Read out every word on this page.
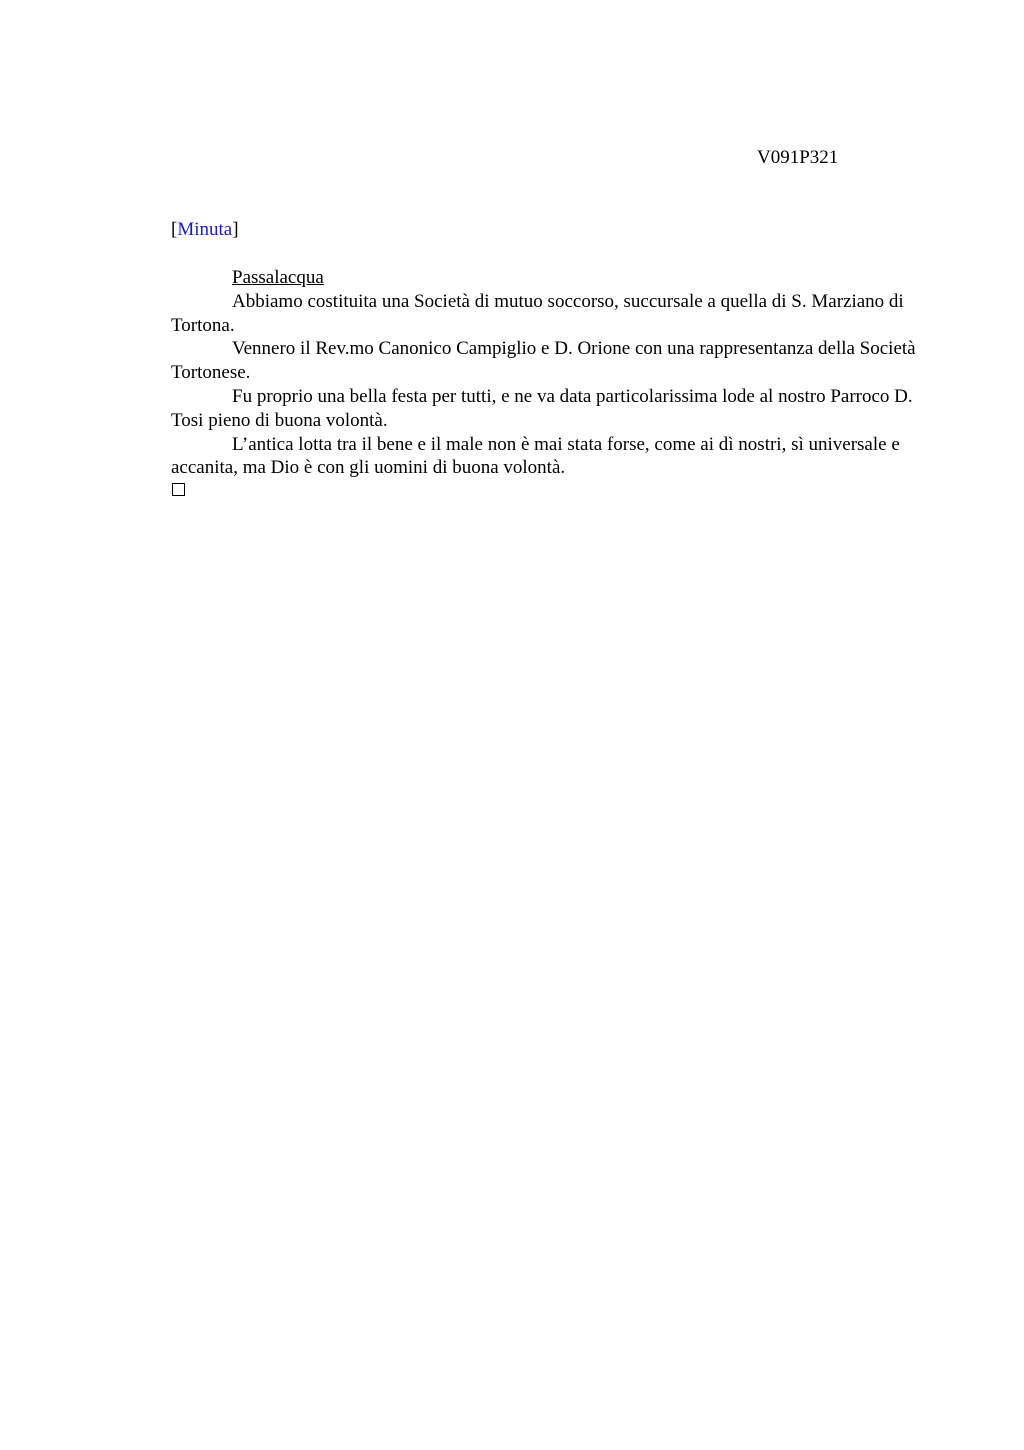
V091P321
[Minuta]

Passalacqua

Abbiamo costituita una Società di mutuo soccorso, succursale a quella di S. Marziano di Tortona.

Vennero il Rev.mo Canonico Campiglio e D. Orione con una rappresentanza della Società Tortonese.

Fu proprio una bella festa per tutti, e ne va data particolarissima lode al nostro Parroco D. Tosi pieno di buona volontà.

L’antica lotta tra il bene e il male non è mai stata forse, come ai dì nostri, sì universale e accanita, ma Dio è con gli uomini di buona volontà.
